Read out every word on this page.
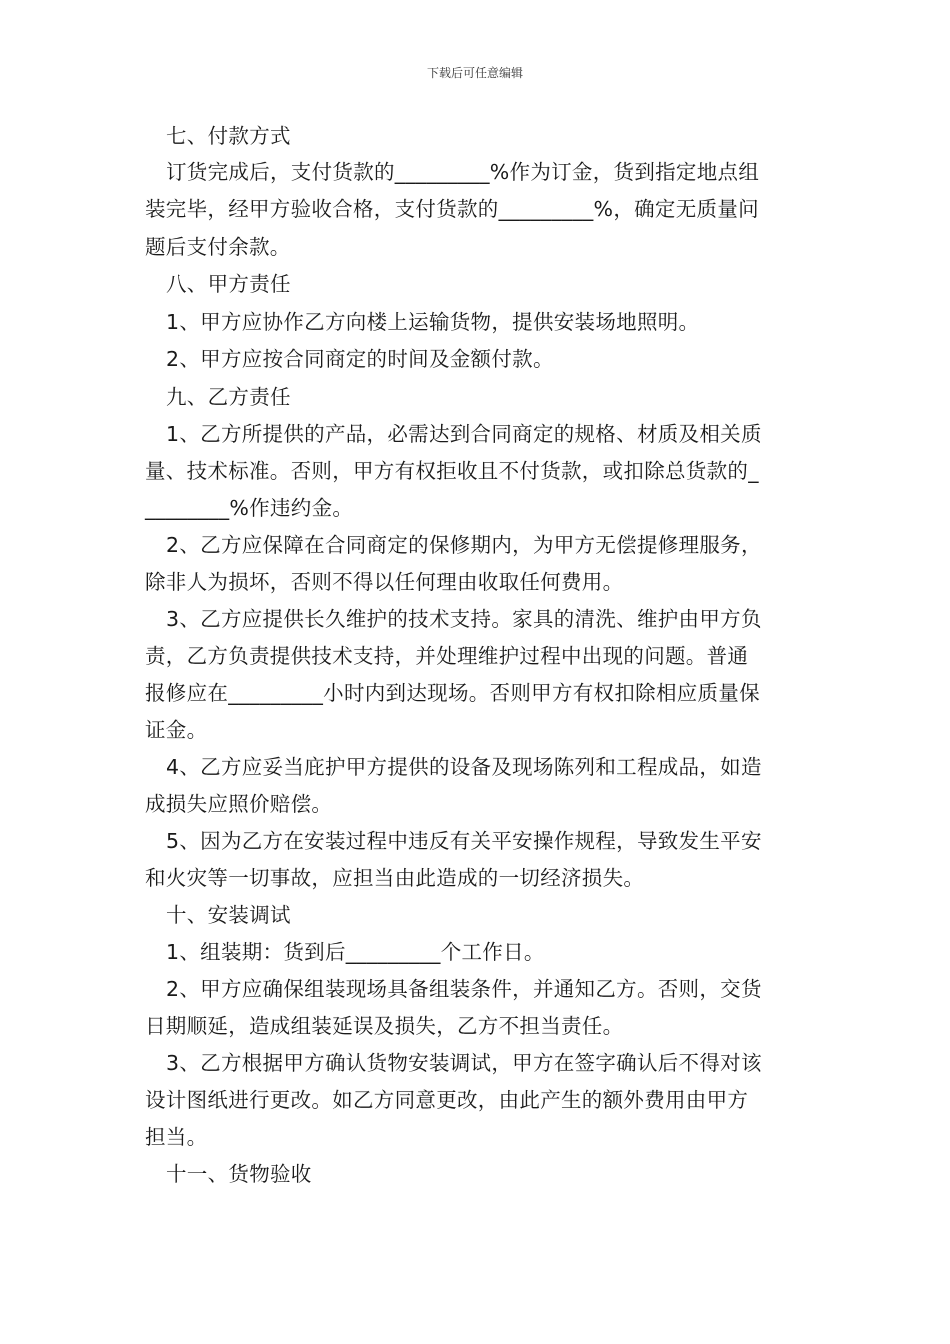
下载后可任意编辑
七、付款方式
订货完成后，支付货款的_________%作为订金，货到指定地点组
装完毕，经甲方验收合格，支付货款的_________%，确定无质量问
题后支付余款。
八、甲方责任
1、甲方应协作乙方向楼上运输货物，提供安装场地照明。
2、甲方应按合同商定的时间及金额付款。
九、乙方责任
1、乙方所提供的产品，必需达到合同商定的规格、材质及相关质
量、技术标准。否则，甲方有权拒收且不付货款，或扣除总货款的_
________%作违约金。
2、乙方应保障在合同商定的保修期内，为甲方无偿提修理服务，
除非人为损坏，否则不得以任何理由收取任何费用。
3、乙方应提供长久维护的技术支持。家具的清洗、维护由甲方负
责，乙方负责提供技术支持，并处理维护过程中出现的问题。普通
报修应在_________小时内到达现场。否则甲方有权扣除相应质量保
证金。
4、乙方应妥当庇护甲方提供的设备及现场陈列和工程成品，如造
成损失应照价赔偿。
5、因为乙方在安装过程中违反有关平安操作规程，导致发生平安
和火灾等一切事故，应担当由此造成的一切经济损失。
十、安装调试
1、组装期：货到后_________个工作日。
2、甲方应确保组装现场具备组装条件，并通知乙方。否则，交货
日期顺延，造成组装延误及损失，乙方不担当责任。
3、乙方根据甲方确认货物安装调试，甲方在签字确认后不得对该
设计图纸进行更改。如乙方同意更改，由此产生的额外费用由甲方
担当。
十一、货物验收
